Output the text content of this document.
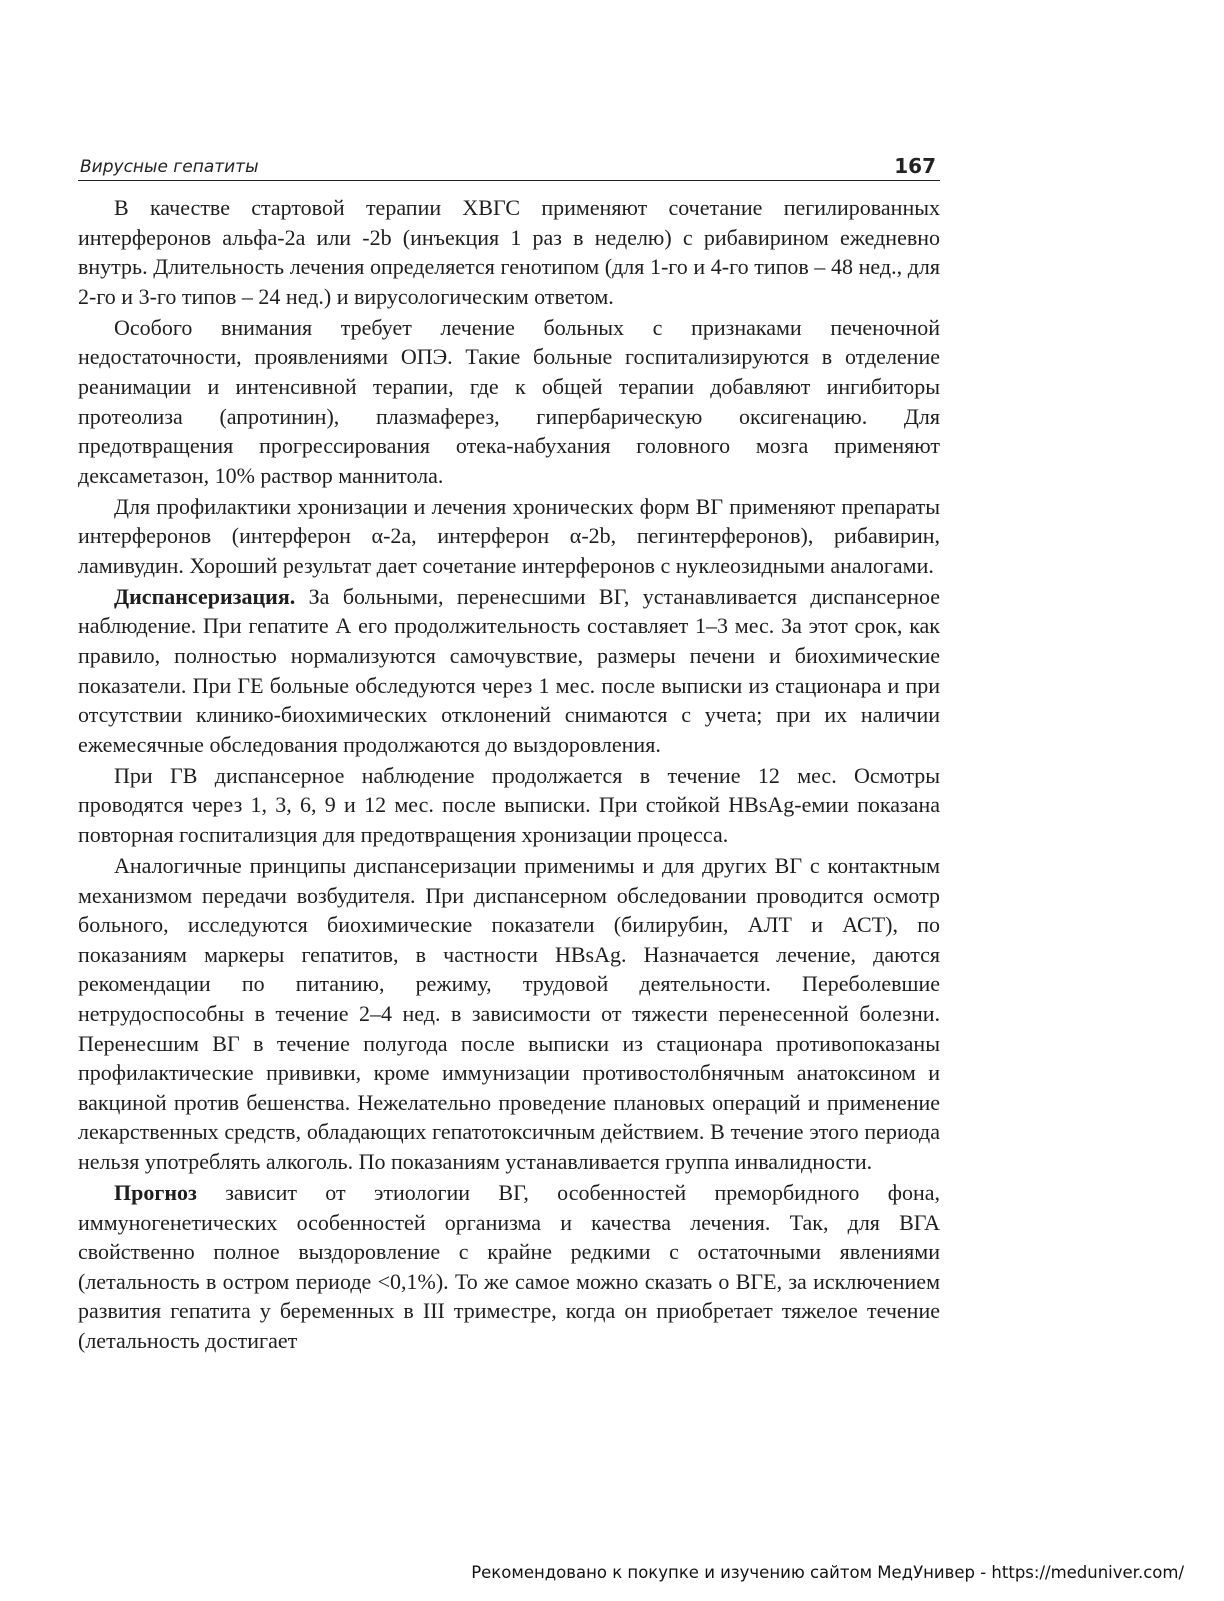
Вирусные гепатиты	167

В качестве стартовой терапии ХВГС применяют сочетание пегилированных интерферонов альфа-2a или -2b (инъекция 1 раз в неделю) с рибавирином ежедневно внутрь. Длительность лечения определяется генотипом (для 1-го и 4-го типов – 48 нед., для 2-го и 3-го типов – 24 нед.) и вирусологическим ответом.

Особого внимания требует лечение больных с признаками печеночной недостаточности, проявлениями ОПЭ. Такие больные госпитализируются в отделение реанимации и интенсивной терапии, где к общей терапии добавляют ингибиторы протеолиза (апротинин), плазмаферез, гипербарическую оксигенацию. Для предотвращения прогрессирования отека-набухания головного мозга применяют дексаметазон, 10% раствор маннитола.

Для профилактики хронизации и лечения хронических форм ВГ применяют препараты интерферонов (интерферон α-2a, интерферон α-2b, пегинтерферонов), рибавирин, ламивудин. Хороший результат дает сочетание интерферонов с нуклеозидными аналогами.

Диспансеризация. За больными, перенесшими ВГ, устанавливается диспансерное наблюдение. При гепатите А его продолжительность составляет 1–3 мес. За этот срок, как правило, полностью нормализуются самочувствие, размеры печени и биохимические показатели. При ГЕ больные обследуются через 1 мес. после выписки из стационара и при отсутствии клинико-биохимических отклонений снимаются с учета; при их наличии ежемесячные обследования продолжаются до выздоровления.

При ГВ диспансерное наблюдение продолжается в течение 12 мес. Осмотры проводятся через 1, 3, 6, 9 и 12 мес. после выписки. При стойкой HBsAg-емии показана повторная госпитализция для предотвращения хронизации процесса.

Аналогичные принципы диспансеризации применимы и для других ВГ с контактным механизмом передачи возбудителя. При диспансерном обследовании проводится осмотр больного, исследуются биохимические показатели (билирубин, АЛТ и АСТ), по показаниям маркеры гепатитов, в частности HBsAg. Назначается лечение, даются рекомендации по питанию, режиму, трудовой деятельности. Переболевшие нетрудоспособны в течение 2–4 нед. в зависимости от тяжести перенесенной болезни. Перенесшим ВГ в течение полугода после выписки из стационара противопоказаны профилактические прививки, кроме иммунизации противостолбнячным анатоксином и вакциной против бешенства. Нежелательно проведение плановых операций и применение лекарственных средств, обладающих гепатотоксичным действием. В течение этого периода нельзя употреблять алкоголь. По показаниям устанавливается группа инвалидности.

Прогноз зависит от этиологии ВГ, особенностей преморбидного фона, иммуногенетических особенностей организма и качества лечения. Так, для ВГА свойственно полное выздоровление с крайне редкими с остаточными явлениями (летальность в остром периоде <0,1%). То же самое можно сказать о ВГЕ, за исключением развития гепатита у беременных в III триместре, когда он приобретает тяжелое течение (летальность достигает

Рекомендовано к покупке и изучению сайтом МедУнивер - https://meduniver.com/
